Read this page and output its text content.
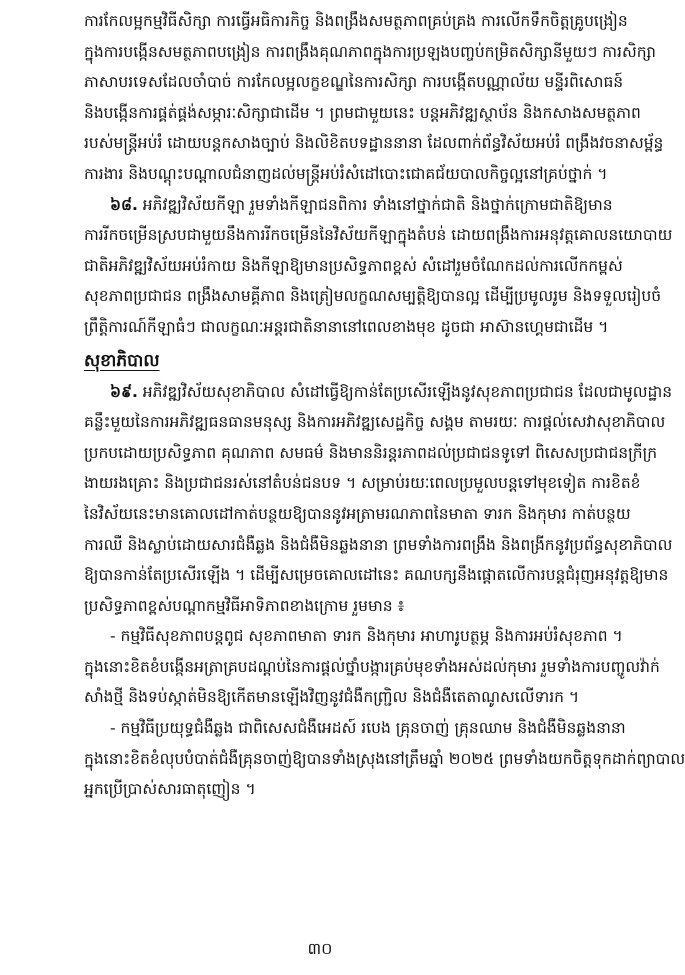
ការកែលម្អកម្មវិធីសិក្សា ការធ្វើអធិការកិច្ច និងពង្រឹងសមត្ថភាពគ្រប់គ្រង ការលើកទឹកចិត្តគ្រូបង្រៀន
ក្នុងការបង្កើនសមត្ថភាពបង្រៀន ការពង្រឹងគុណភាពក្នុងការប្រឡងបញ្ចប់កម្រិតសិក្សានីមួយៗ ការសិក្សា
ភាសាបរទេសដែលចាំបាច់ ការកែលម្អលក្ខខណ្ឌនៃការសិក្សា ការបង្កើតបណ្ណាល័យ មន្ទីរពិសោធន៍
និងបង្កើនការផ្គត់ផ្គង់សម្ភារៈសិក្សាជាដើម ។ ព្រមជាមួយនេះ បន្តអភិវឌ្ឍស្ថាប័ន និងកសាងសមត្ថភាព
របស់មន្ត្រីអប់រំ ដោយបន្តកសាងច្បាប់ និងលិខិតបទដ្ឋាននានា ដែលពាក់ព័ន្ធវិស័យអប់រំ ពង្រឹងវចនាសម្ព័ន្ធ
ការងារ និងបណ្តុះបណ្តាលជំនាញដល់មន្ត្រីអប់រំសំដៅបោះជោគជ័យបាលកិច្ចល្អនៅគ្រប់ថ្នាក់ ។
៦៨. អភិវឌ្ឍវិស័យកីឡា រួមទាំងកីឡាជនពិការ ទាំងនៅថ្នាក់ជាតិ និងថ្នាក់ក្រោមជាតិឱ្យមាន
ការរីកចម្រើនស្របជាមួយនឹងការរីកចម្រើននៃវិស័យកីឡាក្នុងតំបន់ ដោយពង្រឹងការអនុវត្តគោលនយោបាយ
ជាតិអភិវឌ្ឍវិស័យអប់រំកាយ និងកីឡាឱ្យមានប្រសិទ្ធភាពខ្ពស់ សំដៅរួមចំណែកដល់ការលើកកម្ពស់
សុខភាពប្រជាជន ពង្រឹងសាមគ្គីភាព និងត្រៀមលក្ខណសម្បត្តិឱ្យបានល្អ ដើម្បីប្រមូលរូម និងទទួលរៀបចំ
ព្រឹត្តិការណ៍កីឡាធំៗ ជាលក្ខណៈអន្តរជាតិនានានៅពេលខាងមុខ ដូចជា អាស៊ានហ្គេមជាដើម ។
សុខាភិបាល
៦៩. អភិវឌ្ឍវិស័យសុខាភិបាល សំដៅធ្វើឱ្យកាន់តែប្រសើរឡើងនូវសុខភាពប្រជាជន ដែលជាមូលដ្ឋាន
គន្លឹះមួយនៃការអភិវឌ្ឍធនធានមនុស្ស និងការអភិវឌ្ឍសេដ្ឋកិច្ច សង្គម តាមរយៈ ការផ្តល់សេវាសុខាភិបាល
ប្រកបដោយប្រសិទ្ធភាព គុណភាព សមធម៌ និងមាននិរន្តរភាពដល់ប្រជាជនទូទៅ ពិសេសប្រជាជនក្រីក្រ
ងាយរងគ្រោះ និងប្រជាជនរស់នៅតំបន់ជនបទ ។ សម្រាប់រយៈពេលប្រមួលបន្តទៅមុខទៀត ការខិតខំ
នៃវិស័យនេះមានគោលដៅកាត់បន្ថយឱ្យបាននូវអត្រាមរណភាពនៃមាតា ទារក និងកុមារ កាត់បន្ថយ
ការឈឺ និងស្លាប់ដោយសារជំងឺឆ្លង និងជំងឺមិនឆ្លងនានា ព្រមទាំងការពង្រឹង និងពង្រីកនូវប្រព័ន្ធសុខាភិបាល
ឱ្យបានកាន់តែប្រសើរឡើង ។ ដើម្បីសម្រេចគោលដៅនេះ គណបក្សនឹងផ្តោតលើការបន្តជំរុញអនុវត្តឱ្យមាន
ប្រសិទ្ធភាពខ្ពស់បណ្តាកម្មវិធីអាទិភាពខាងក្រោម រួមមាន ៖
- កម្មវិធីសុខភាពបន្តពូជ សុខភាពមាតា ទារក និងកុមារ អាហារូបត្ថម្ភ និងការអប់រំសុខភាព ។
ក្នុងនោះខិតខំបង្កើនអត្រាគ្របដណ្តប់នៃការផ្តល់ថ្នាំបង្ការគ្រប់មុខទាំងអស់ដល់កុមារ រួមទាំងការបញ្ចូលវ៉ាក់
សាំងថ្មី និងទប់ស្កាត់មិនឱ្យកើតមានឡើងវិញនូវជំងឺកញ្ជ្រិល និងជំងឺតេតាណូសលើទារក ។
- កម្មវិធីប្រយុទ្ធជំងឺឆ្លង ជាពិសេសជំងឺអេដស៍ របេង គ្រុនចាញ់ គ្រុនឈាម និងជំងឺមិនឆ្លងនានា
ក្នុងនោះខិតខំលុបបំបាត់ជំងឺគ្រុនចាញ់ឱ្យបានទាំងស្រុងនៅត្រឹមឆ្នាំ ២០២៥ ព្រមទាំងយកចិត្តទុកដាក់ព្យាបាល
អ្នកប្រើប្រាស់សារធាតុញៀន ។
៣០
